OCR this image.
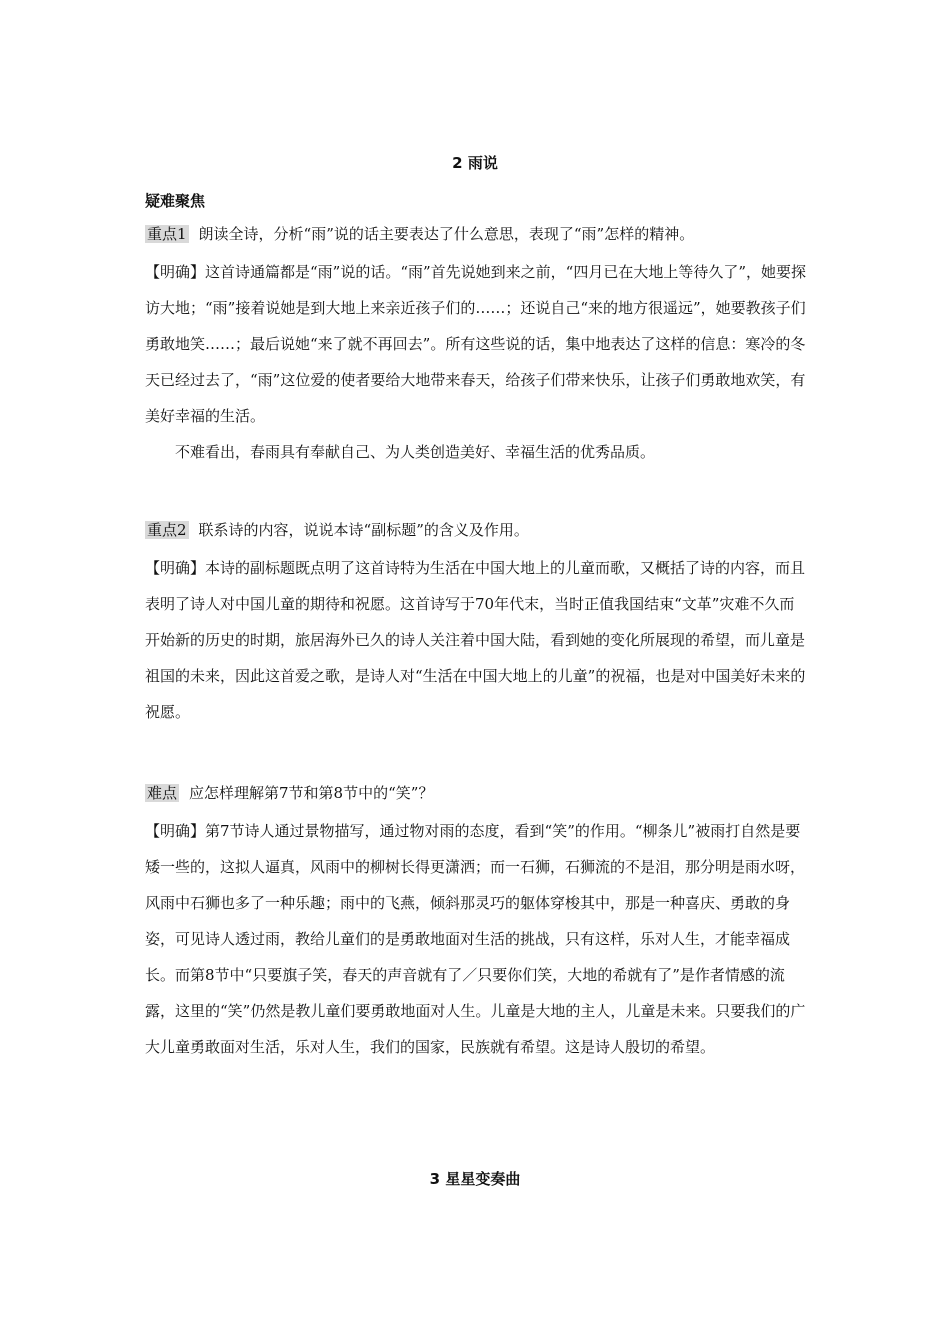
2 雨说
疑难聚焦
重点1 朗读全诗，分析“雨”说的话主要表达了什么意思，表现了“雨”怎样的精神。

【明确】这首诗通篇都是“雨”说的话。“雨”首先说她到来之前，“四月已在大地上等待久了”，她要探访大地；“雨”接着说她是到大地上来亲近孩子们的……；还说自己“来的地方很遥远”，她要教孩子们勇敢地笑……；最后说她“来了就不再回去”。所有这些说的话，集中地表达了这样的信息：寒冷的冬天已经过去了，“雨”这位爱的使者要给大地带来春天，给孩子们带来快乐，让孩子们勇敢地欢笑，有美好幸福的生活。

不难看出，春雨具有奉献自己、为人类创造美好、幸福生活的优秀品质。

重点2 联系诗的内容，说说本诗“副标题”的含义及作用。

【明确】本诗的副标题既点明了这首诗特为生活在中国大地上的儿童而歌，又概括了诗的内容，而且表明了诗人对中国儿童的期待和祝愿。这首诗写于70年代末，当时正值我国结束“文革”灾难不久而开始新的历史的时期，旅居海外已久的诗人关注着中国大陆，看到她的变化所展现的希望，而儿童是祖国的未来，因此这首爱之歌，是诗人对“生活在中国大地上的儿童”的祝福，也是对中国美好未来的祝愿。

难点 应怎样理解第7节和第8节中的“笑”？

【明确】第7节诗人通过景物描写，通过物对雨的态度，看到“笑”的作用。“柳条儿”被雨打自然是要矮一些的，这拟人逼真，风雨中的柳树长得更潇洒；而一石狮，石狮流的不是泪，那分明是雨水呀，风雨中石狮也多了一种乐趣；雨中的飞燕，倾斜那灵巧的躯体穿梭其中，那是一种喜庆、勇敢的身姿，可见诗人透过雨，教给儿童们的是勇敢地面对生活的挑战，只有这样，乐对人生，才能幸福成长。而第8节中“只要旗子笑，春天的声音就有了／只要你们笑，大地的希就有了”是作者情感的流露，这里的“笑”仍然是教儿童们要勇敢地面对人生。儿童是大地的主人，儿童是未来。只要我们的广大儿童勇敢面对生活，乐对人生，我们的国家，民族就有希望。这是诗人殷切的希望。

3 星星变奏曲
